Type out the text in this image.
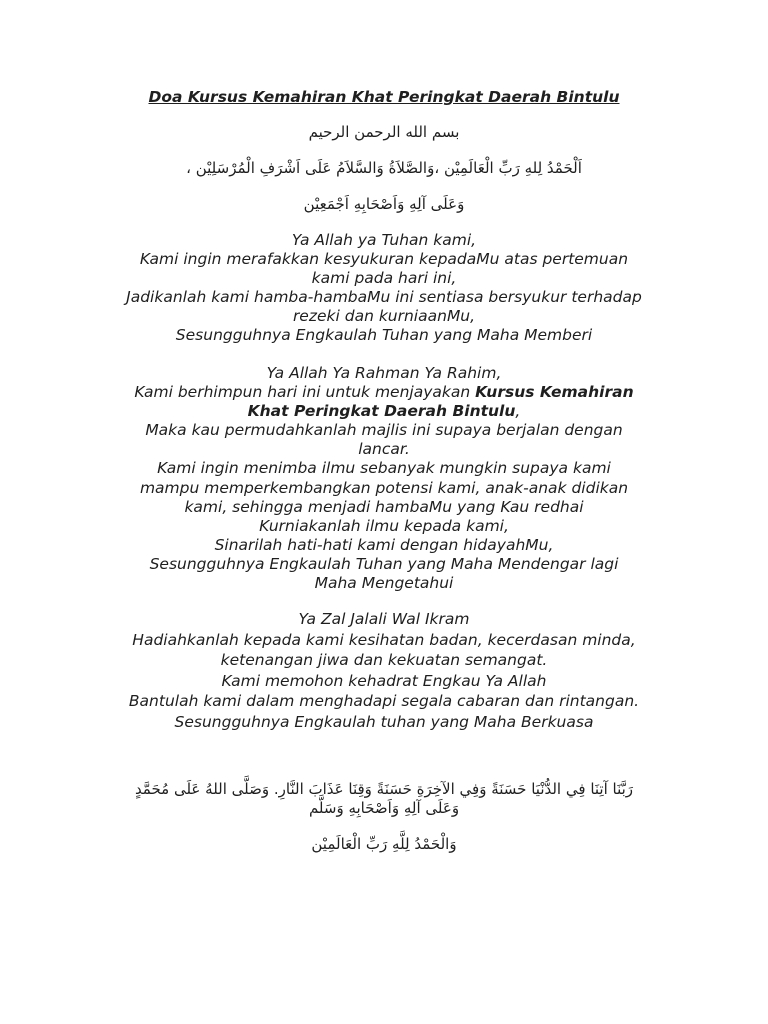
Doa Kursus Kemahiran Khat Peringkat Daerah Bintulu
بسم الله الرحمن الرحيم
اَلْحَمْدُ لِلهِ رَبِّ الْعَالَمِيْن ،وَالصَّلاَةُ وَالسَّلاَمُ عَلَى اَشْرَفِ الْمُرْسَلِيْن ،
وَعَلَى آلِهِ وَاَصْحَابِهِ اَجْمَعِيْن
Ya Allah ya Tuhan kami,
Kami ingin merafakkan kesyukuran kepadaMu atas pertemuan
kami pada hari ini,
Jadikanlah kami hamba-hambaMu ini sentiasa bersyukur terhadap
rezeki dan kurniaanMu,
Sesungguhnya Engkaulah Tuhan yang Maha Memberi
Ya Allah Ya Rahman Ya Rahim,
Kami berhimpun hari ini untuk menjayakan Kursus Kemahiran
Khat Peringkat Daerah Bintulu,
Maka kau permudahkanlah majlis ini supaya berjalan dengan
lancar.
Kami ingin menimba ilmu sebanyak mungkin supaya kami
mampu memperkembangkan potensi kami, anak-anak didikan
kami, sehingga menjadi hambaMu yang Kau redhai
Kurniakanlah ilmu kepada kami,
Sinarilah hati-hati kami dengan hidayahMu,
Sesungguhnya Engkaulah Tuhan yang Maha Mendengar lagi
Maha Mengetahui
Ya Zal Jalali Wal Ikram
Hadiahkanlah kepada kami kesihatan badan, kecerdasan minda,
ketenangan jiwa dan kekuatan semangat.
Kami memohon kehadrat Engkau Ya Allah
Bantulah kami dalam menghadapi segala cabaran dan rintangan.
Sesungguhnya Engkaulah tuhan yang Maha Berkuasa
رَبَّنَا آتِنَا فِي الدُّنْيَا حَسَنَةً وَفِي الآخِرَةِ حَسَنَةً وَقِنَا عَذَابَ النَّارِ. وَصَلَّى اللهُ عَلَى مُحَمَّدٍ
وَعَلَى آلِهِ وَاَصْحَابِهِ وَسَلَّم
وَالْحَمْدُ لِلَّهِ رَبِّ الْعَالَمِيْن
